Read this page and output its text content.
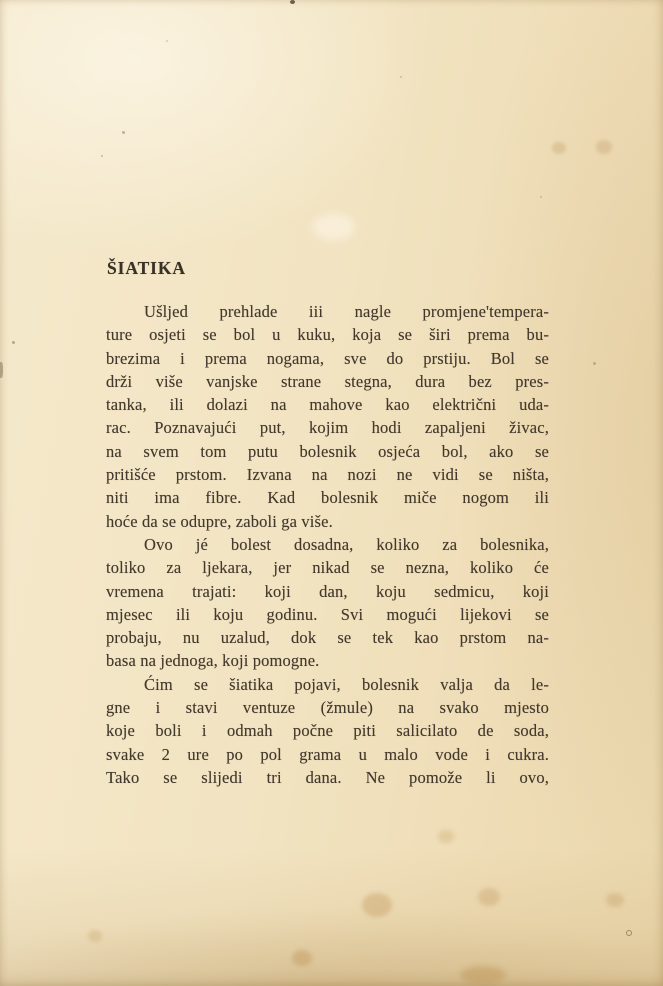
ŠIATIKA
Ušljed prehlade iii nagle promjene'tempera-
ture osjeti se bol u kuku, koja se širi prema bu-
brezima i prema nogama, sve do prstiju. Bol se
drži više vanjske strane stegna, dura bez pres-
tanka, ili dolazi na mahove kao električni uda-
rac. Poznavajući put, kojim hodi zapaljeni živac,
na svem tom putu bolesnik osjeća bol, ako se
pritišće prstom. Izvana na nozi ne vidi se ništa,
niti ima fibre. Kad bolesnik miče nogom ili
hoće da se odupre, zaboli ga više.
Ovo jé bolest dosadna, koliko za bolesnika,
toliko za ljekara, jer nikad se nezna, koliko će
vremena trajati: koji dan, koju sedmicu, koji
mjesec ili koju godinu. Svi mogući lijekovi se
probaju, nu uzalud, dok se tek kao prstom na-
basa na jednoga, koji pomogne.
Ćim se šiatika pojavi, bolesnik valja da le-
gne i stavi ventuze (žmule) na svako mjesto
koje boli i odmah počne piti salicilato de soda,
svake 2 ure po pol grama u malo vode i cukra.
Tako se slijedi tri dana. Ne pomože li ovo,
